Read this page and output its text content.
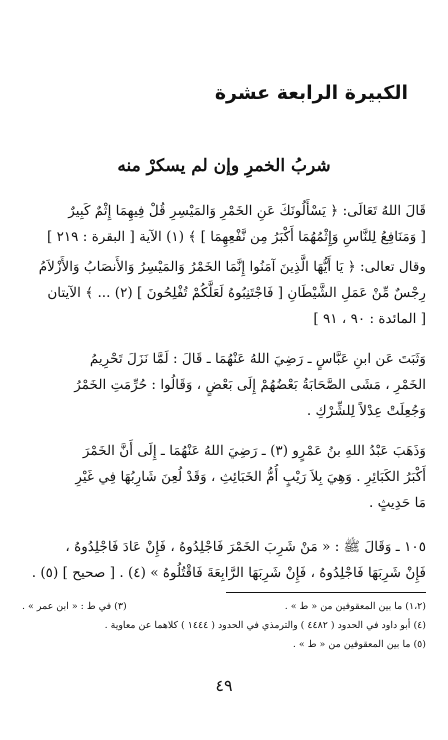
الكبيرة الرابعة عشرة
شربُ الخمرِ وإن لم يسكرْ منه
قَالَ اللهُ تَعَالَى: ﴿ يَسْأَلُونَكَ عَنِ الخَمْرِ وَالمَيْسِرِ قُلْ فِيهِمَا إِثْمٌ كَبِيرٌ
[ وَمَنَافِعُ لِلنَّاسِ وَإِثْمُهُمَا أَكْبَرُ مِن نَّفْعِهِمَا ] ﴾ (١) الآية [ البقرة : ٢١٩ ]
وقال تعالى: ﴿ يَا أَيُّهَا الَّذِينَ آمَنُوا إِنَّمَا الخَمْرُ وَالمَيْسِرُ وَالأَنصَابُ وَالأَزْلاَمُ
رِجْسٌ مِّنْ عَمَلِ الشَّيْطَانِ [ فَاجْتَنِبُوهُ لَعَلَّكُمْ تُفْلِحُونَ ] (٢) ... ﴾ الآيتان
[ المائدة : ٩٠ ، ٩١ ]
وَثَبَتَ عَن ابنِ عَبَّاسٍ ـ رَضِيَ اللهُ عَنْهُمَا ـ قَالَ : لَمَّا نَزَلَ تَحْرِيمُ
الخَمْرِ ، مَشَى الصَّحَابَةُ بَعْضُهُمْ إِلَى بَعْضٍ ، وَقَالُوا : حُرِّمَتِ الخَمْرُ
وَجُعِلَتْ عِدْلاً لِلشِّرْكِ .
وَذَهَبَ عَبْدُ اللهِ بنُ عَمْرٍو (٣) ـ رَضِيَ اللهُ عَنْهُمَا ـ إِلَى أَنَّ الخَمْرَ
أَكْبَرُ الكَبَائِرِ . وَهِيَ بِلاَ رَيْبٍ أُمُّ الخَبَائِثِ ، وَقَدْ لُعِنَ شَارِبُهَا فِي غَيْرِ
مَا حَدِيثٍ .
١٠٥ ـ وَقَالَ ﷺ : « مَنْ شَرِبَ الخَمْرَ فَاجْلِدُوهُ ، فَإِنْ عَادَ فَاجْلِدُوهُ ،
فَإِنْ شَرِبَهَا فَاجْلِدُوهُ ، فَإِنْ شَرِبَهَا الرَّابِعَةَ فَاقْتُلُوهُ » (٤) . [ صحيح ] (٥) .
(١،٢) ما بين المعقوفين من « ط » .
(٣) في ط : « ابن عمر » .
(٤) أبو داود في الحدود ( ٤٤٨٢ ) والترمذي في الحدود ( ١٤٤٤ ) كلاهما عن معاوية .
(٥) ما بين المعقوفين من « ط » .
٤٩
